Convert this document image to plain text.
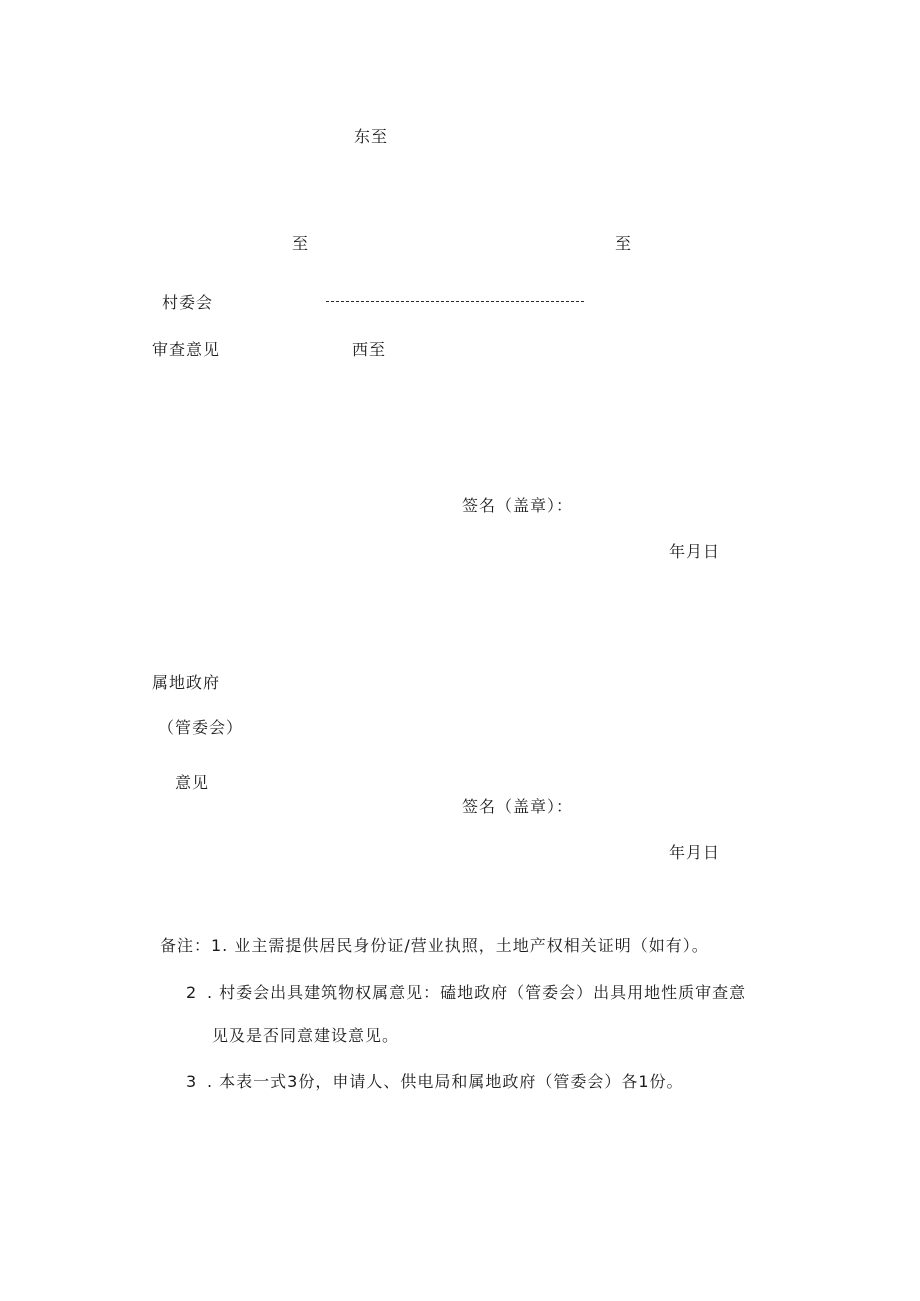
东至
至	至
村委会
审查意见	西至
签名（盖章）：
年月日
属地政府
（管委会）
意见
签名（盖章）：
年月日
备注：1. 业主需提供居民身份证/营业执照，土地产权相关证明（如有）。
2 . 村委会出具建筑物权属意见：磕地政府（管委会）出具用地性质审查意
见及是否同意建设意见。
3 . 本表一式3份，申请人、供电局和属地政府（管委会）各1份。
